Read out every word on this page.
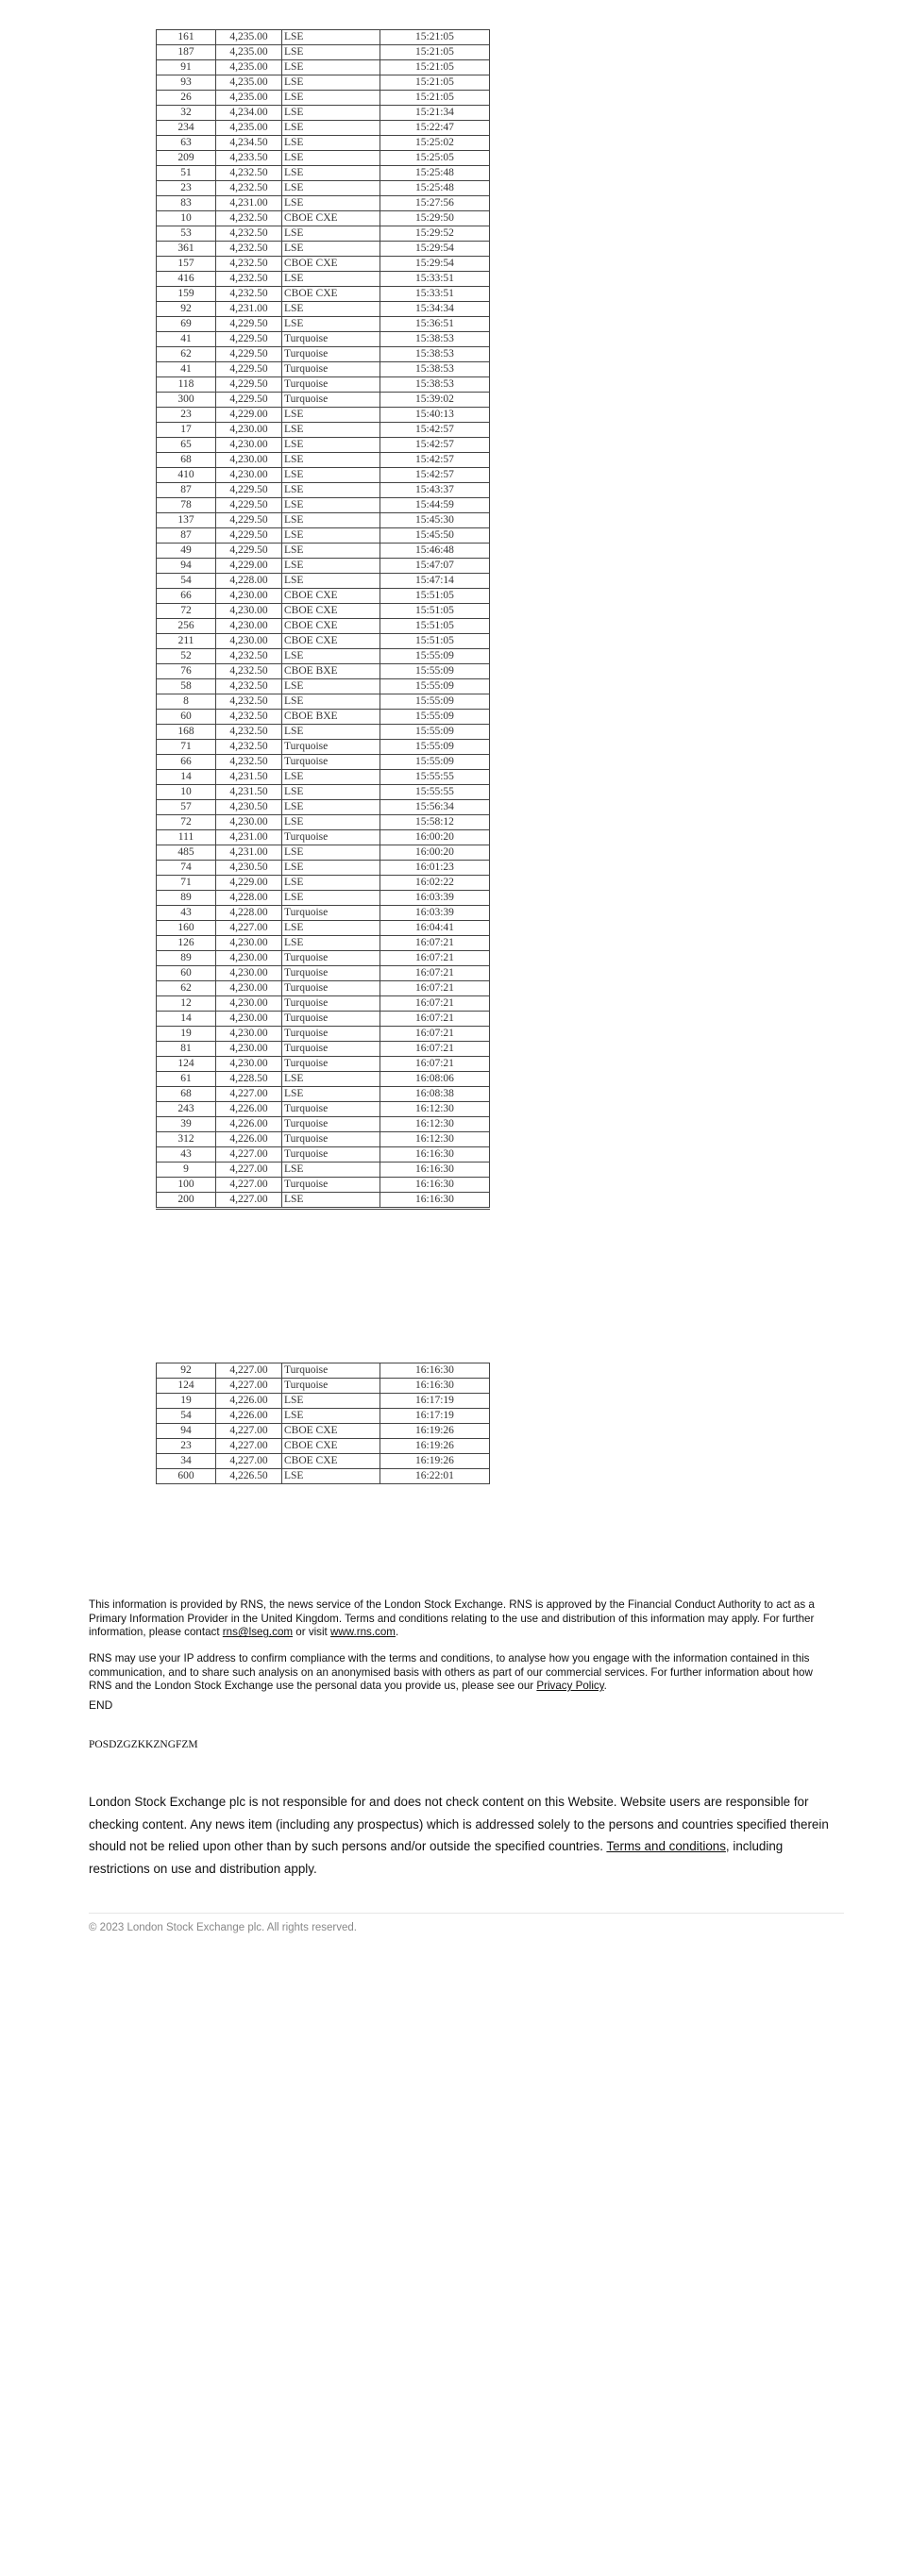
161	4,235.00	LSE	15:21:05
187	4,235.00	LSE	15:21:05
91	4,235.00	LSE	15:21:05
93	4,235.00	LSE	15:21:05
26	4,235.00	LSE	15:21:05
32	4,234.00	LSE	15:21:34
234	4,235.00	LSE	15:22:47
63	4,234.50	LSE	15:25:02
209	4,233.50	LSE	15:25:05
51	4,232.50	LSE	15:25:48
23	4,232.50	LSE	15:25:48
83	4,231.00	LSE	15:27:56
10	4,232.50	CBOE CXE	15:29:50
53	4,232.50	LSE	15:29:52
361	4,232.50	LSE	15:29:54
157	4,232.50	CBOE CXE	15:29:54
416	4,232.50	LSE	15:33:51
159	4,232.50	CBOE CXE	15:33:51
92	4,231.00	LSE	15:34:34
69	4,229.50	LSE	15:36:51
41	4,229.50	Turquoise	15:38:53
62	4,229.50	Turquoise	15:38:53
41	4,229.50	Turquoise	15:38:53
118	4,229.50	Turquoise	15:38:53
300	4,229.50	Turquoise	15:39:02
23	4,229.00	LSE	15:40:13
17	4,230.00	LSE	15:42:57
65	4,230.00	LSE	15:42:57
68	4,230.00	LSE	15:42:57
410	4,230.00	LSE	15:42:57
87	4,229.50	LSE	15:43:37
78	4,229.50	LSE	15:44:59
137	4,229.50	LSE	15:45:30
87	4,229.50	LSE	15:45:50
49	4,229.50	LSE	15:46:48
94	4,229.00	LSE	15:47:07
54	4,228.00	LSE	15:47:14
66	4,230.00	CBOE CXE	15:51:05
72	4,230.00	CBOE CXE	15:51:05
256	4,230.00	CBOE CXE	15:51:05
211	4,230.00	CBOE CXE	15:51:05
52	4,232.50	LSE	15:55:09
76	4,232.50	CBOE BXE	15:55:09
58	4,232.50	LSE	15:55:09
8	4,232.50	LSE	15:55:09
60	4,232.50	CBOE BXE	15:55:09
168	4,232.50	LSE	15:55:09
71	4,232.50	Turquoise	15:55:09
66	4,232.50	Turquoise	15:55:09
14	4,231.50	LSE	15:55:55
10	4,231.50	LSE	15:55:55
57	4,230.50	LSE	15:56:34
72	4,230.00	LSE	15:58:12
111	4,231.00	Turquoise	16:00:20
485	4,231.00	LSE	16:00:20
74	4,230.50	LSE	16:01:23
71	4,229.00	LSE	16:02:22
89	4,228.00	LSE	16:03:39
43	4,228.00	Turquoise	16:03:39
160	4,227.00	LSE	16:04:41
126	4,230.00	LSE	16:07:21
89	4,230.00	Turquoise	16:07:21
60	4,230.00	Turquoise	16:07:21
62	4,230.00	Turquoise	16:07:21
12	4,230.00	Turquoise	16:07:21
14	4,230.00	Turquoise	16:07:21
19	4,230.00	Turquoise	16:07:21
81	4,230.00	Turquoise	16:07:21
124	4,230.00	Turquoise	16:07:21
61	4,228.50	LSE	16:08:06
68	4,227.00	LSE	16:08:38
243	4,226.00	Turquoise	16:12:30
39	4,226.00	Turquoise	16:12:30
312	4,226.00	Turquoise	16:12:30
43	4,227.00	Turquoise	16:16:30
9	4,227.00	LSE	16:16:30
100	4,227.00	Turquoise	16:16:30
200	4,227.00	LSE	16:16:30
92	4,227.00	Turquoise	16:16:30
124	4,227.00	Turquoise	16:16:30
19	4,226.00	LSE	16:17:19
54	4,226.00	LSE	16:17:19
94	4,227.00	CBOE CXE	16:19:26
23	4,227.00	CBOE CXE	16:19:26
34	4,227.00	CBOE CXE	16:19:26
600	4,226.50	LSE	16:22:01

This information is provided by RNS, the news service of the London Stock Exchange. RNS is approved by the Financial Conduct Authority to act as a Primary Information Provider in the United Kingdom. Terms and conditions relating to the use and distribution of this information may apply. For further information, please contact rns@lseg.com or visit www.rns.com.

RNS may use your IP address to confirm compliance with the terms and conditions, to analyse how you engage with the information contained in this communication, and to share such analysis on an anonymised basis with others as part of our commercial services. For further information about how RNS and the London Stock Exchange use the personal data you provide us, please see our Privacy Policy.

END
POSDZGZKKZNGFZM

London Stock Exchange plc is not responsible for and does not check content on this Website. Website users are responsible for checking content. Any news item (including any prospectus) which is addressed solely to the persons and countries specified therein should not be relied upon other than by such persons and/or outside the specified countries. Terms and conditions, including restrictions on use and distribution apply.

© 2023 London Stock Exchange plc. All rights reserved.
